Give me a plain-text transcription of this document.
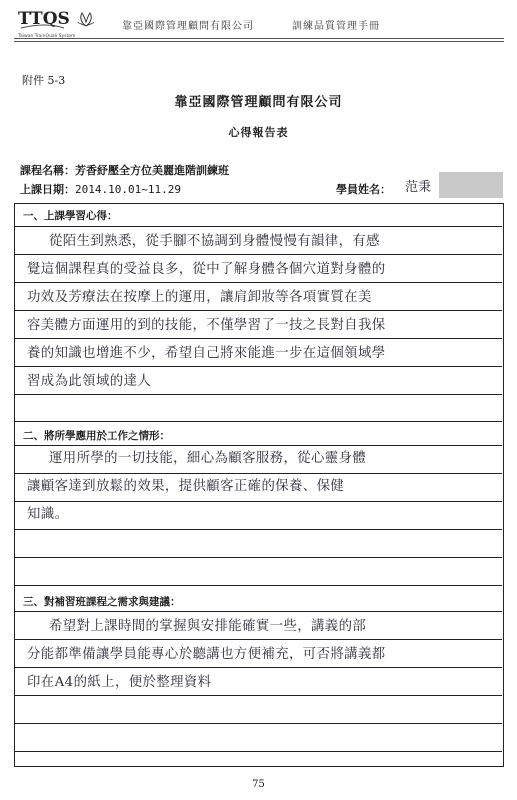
TTQS
Taiwan TrainQuali System
靠亞國際管理顧問有限公司	訓練品質管理手冊
附件 5-3
靠亞國際管理顧問有限公司
心得報告表
課程名稱：芳香紓壓全方位美麗進階訓練班
上課日期：2014.10.01~11.29	學員姓名： 范秉
一、上課學習心得：
從陌生到熟悉，從手腳不協調到身體慢慢有韻律，有感
覺這個課程真的受益良多，從中了解身體各個穴道對身體的
功效及芳療法在按摩上的運用，讓肩卸妝等各項實質在美
容美體方面運用的到的技能，不僅學習了一技之長對自我保
養的知識也增進不少，希望自己將來能進一步在這個領域學
習成為此領域的達人
二、將所學應用於工作之情形：
運用所學的一切技能，細心為顧客服務，從心靈身體
讓顧客達到放鬆的效果，提供顧客正確的保養、保健
知識。
三、對補習班課程之需求與建議：
希望對上課時間的掌握與安排能確實一些，講義的部
分能都準備讓學員能專心於聽講也方便補充，可否將講義都
印在A4的紙上，便於整理資料
75
